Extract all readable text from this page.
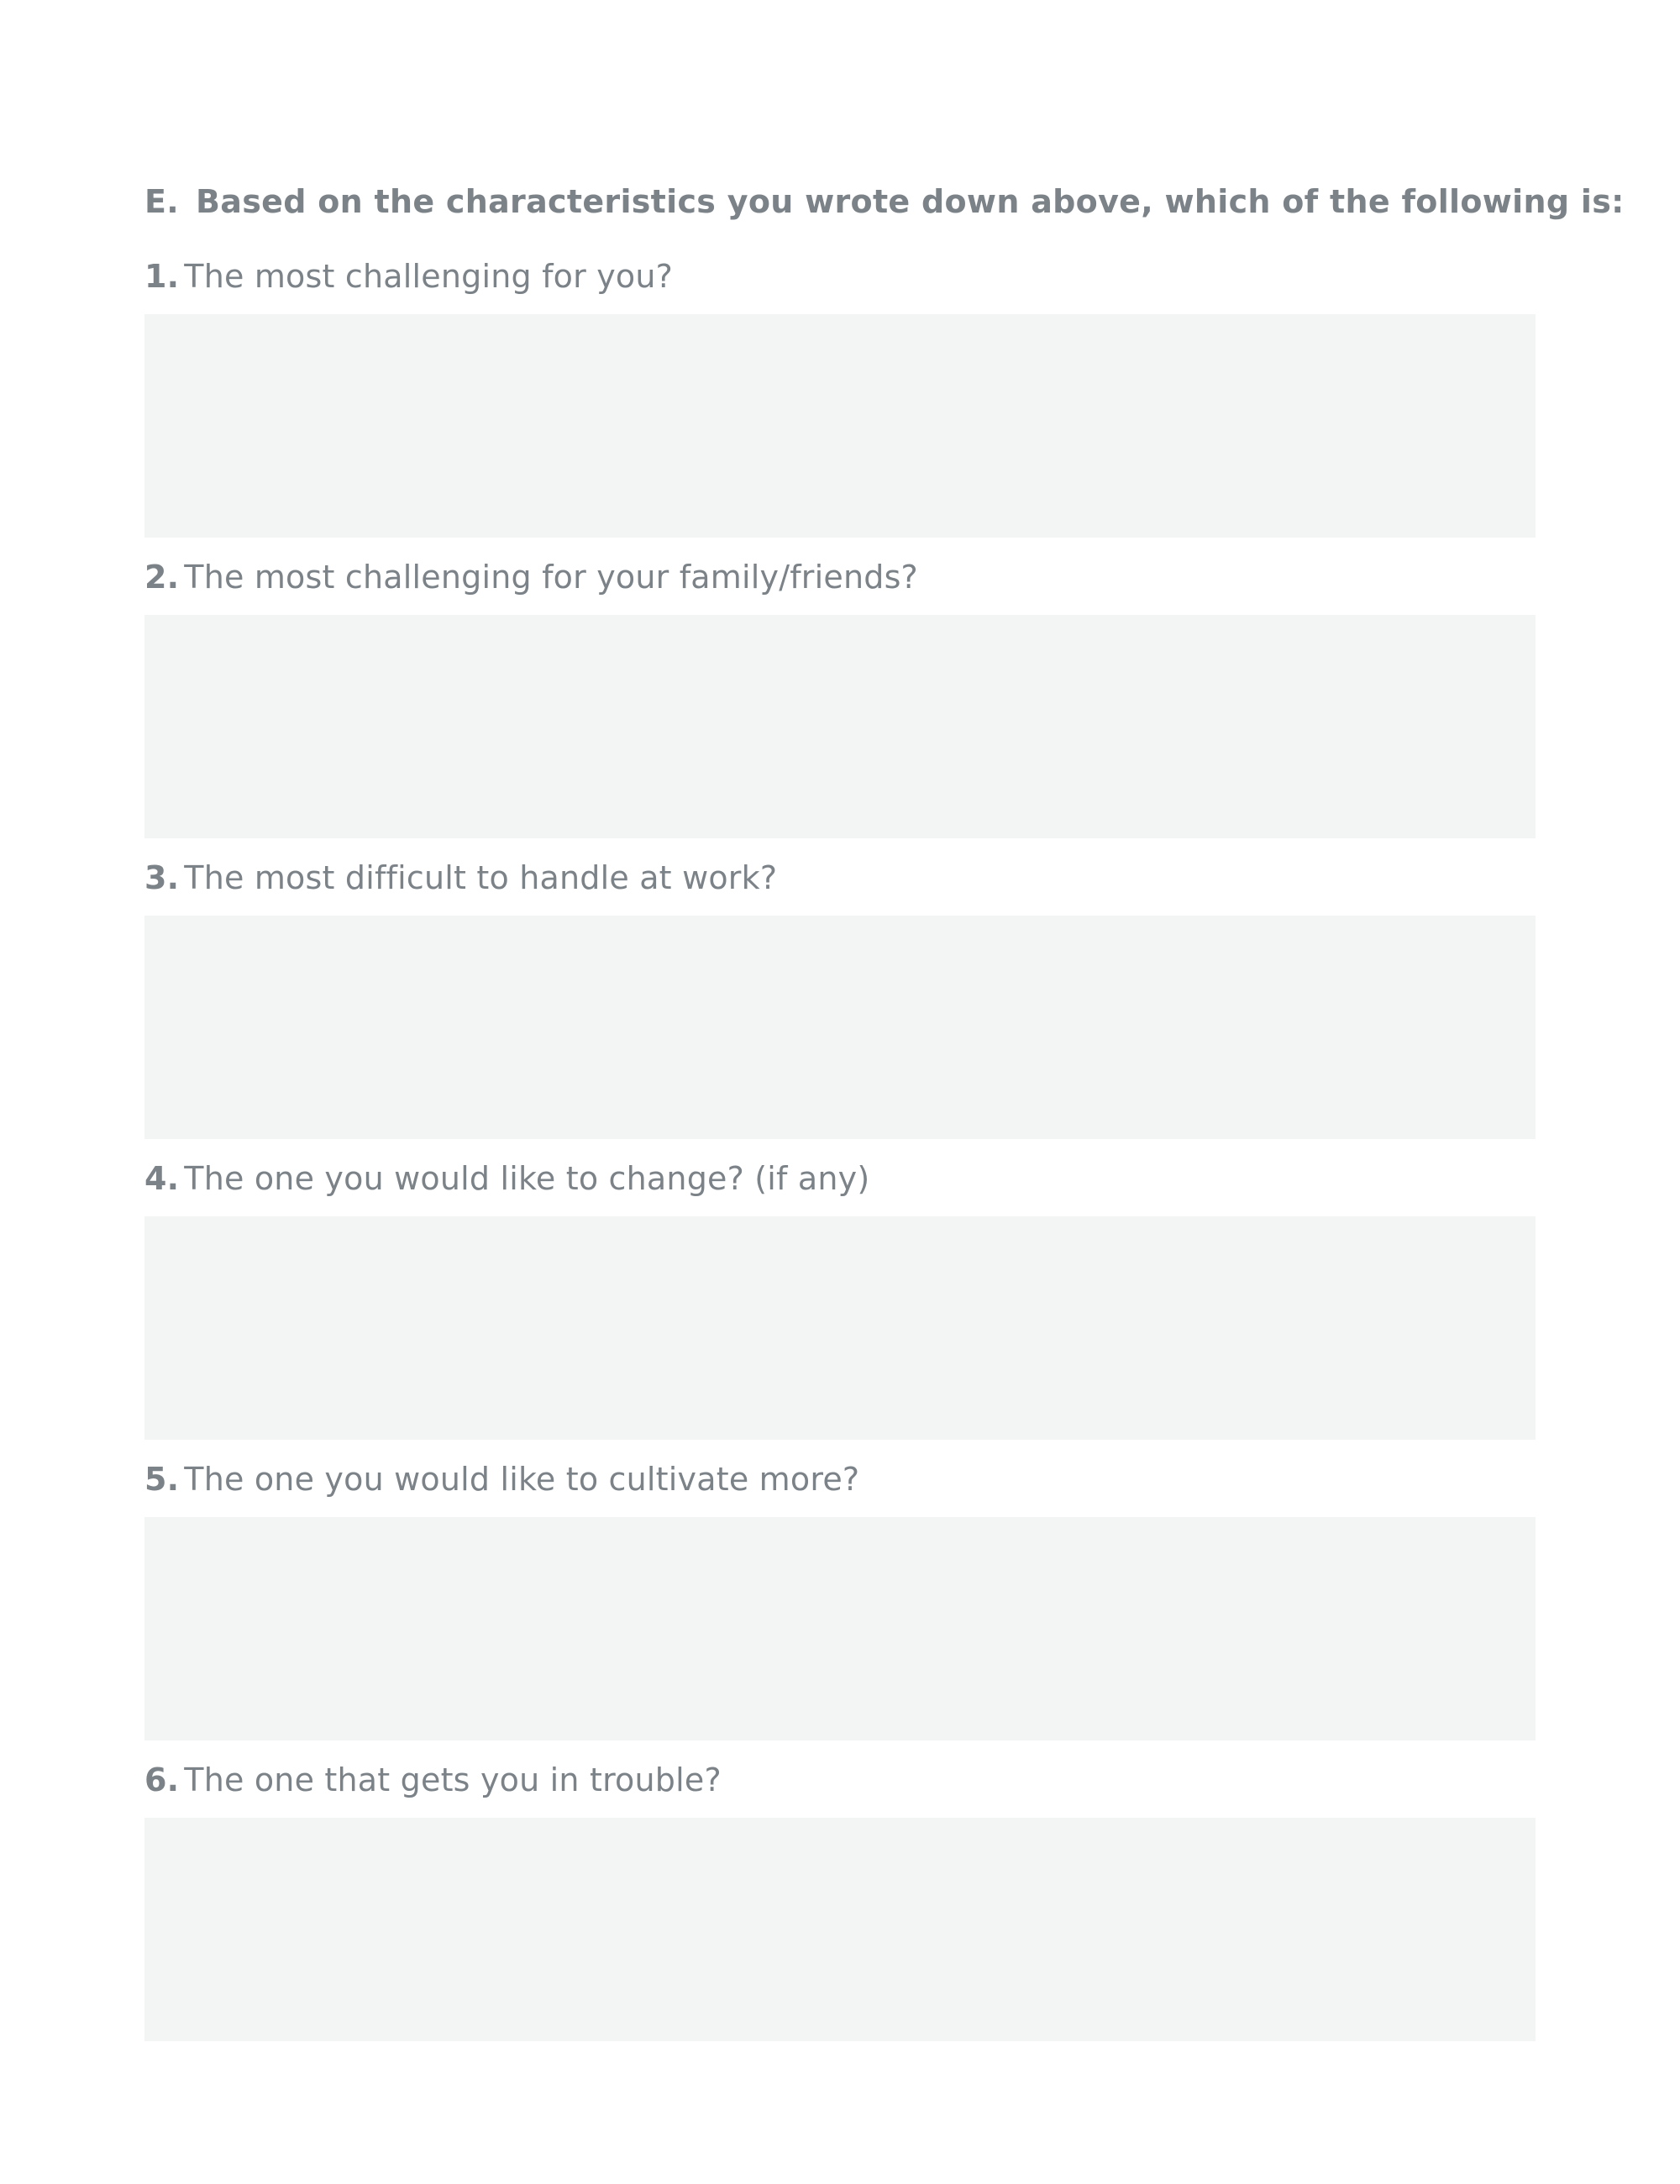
E. Based on the characteristics you wrote down above, which of the following is:
1. The most challenging for you?
2. The most challenging for your family/friends?
3. The most difficult to handle at work?
4. The one you would like to change? (if any)
5. The one you would like to cultivate more?
6. The one that gets you in trouble?
